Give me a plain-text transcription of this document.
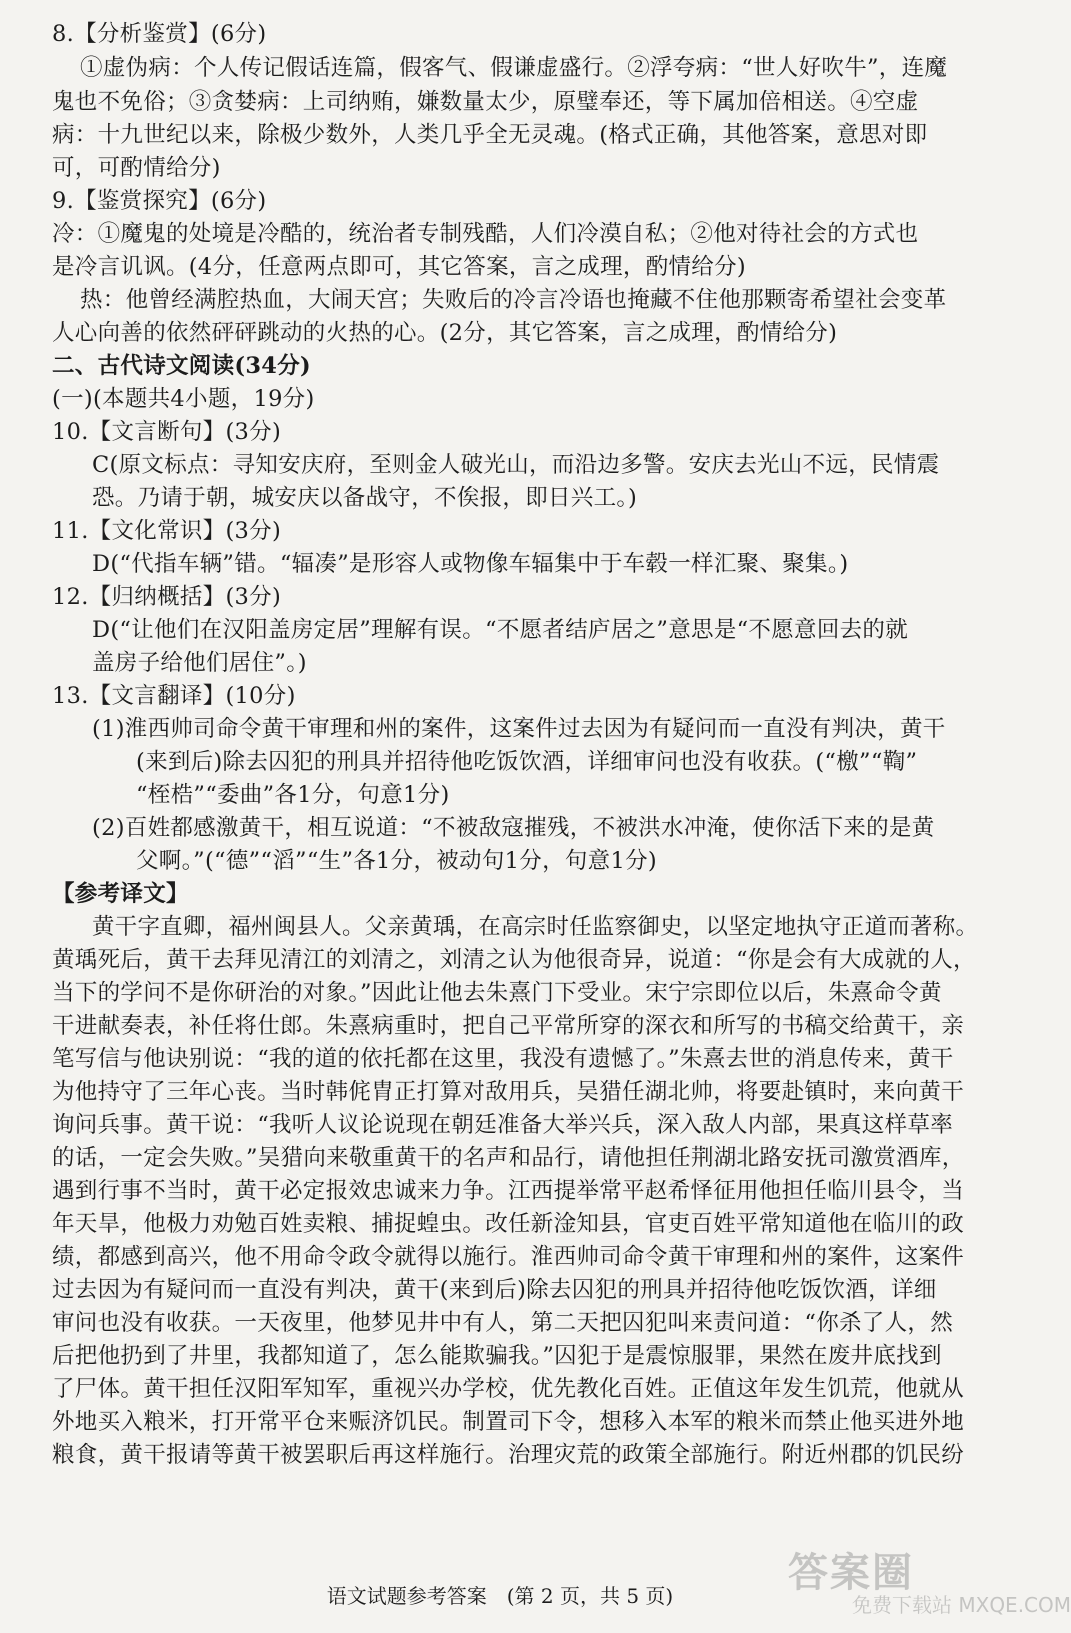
8.【分析鉴赏】(6分)
①虚伪病：个人传记假话连篇，假客气、假谦虚盛行。②浮夸病：“世人好吹牛”，连魔
鬼也不免俗；③贪婪病：上司纳贿，嫌数量太少，原璧奉还，等下属加倍相送。④空虚
病：十九世纪以来，除极少数外，人类几乎全无灵魂。(格式正确，其他答案，意思对即
可，可酌情给分)
9.【鉴赏探究】(6分)
冷：①魔鬼的处境是冷酷的，统治者专制残酷，人们冷漠自私；②他对待社会的方式也
是冷言讥讽。(4分，任意两点即可，其它答案，言之成理，酌情给分)
热：他曾经满腔热血，大闹天宫；失败后的冷言冷语也掩藏不住他那颗寄希望社会变革
人心向善的依然砰砰跳动的火热的心。(2分，其它答案，言之成理，酌情给分)
二、古代诗文阅读(34分)
(一)(本题共4小题，19分)
10.【文言断句】(3分)
C(原文标点：寻知安庆府，至则金人破光山，而沿边多警。安庆去光山不远，民情震
恐。乃请于朝，城安庆以备战守，不俟报，即日兴工。)
11.【文化常识】(3分)
D(“代指车辆”错。“辐凑”是形容人或物像车辐集中于车毂一样汇聚、聚集。)
12.【归纳概括】(3分)
D(“让他们在汉阳盖房定居”理解有误。“不愿者结庐居之”意思是“不愿意回去的就
盖房子给他们居住”。)
13.【文言翻译】(10分)
(1)淮西帅司命令黄干审理和州的案件，这案件过去因为有疑问而一直没有判决，黄干
(来到后)除去囚犯的刑具并招待他吃饭饮酒，详细审问也没有收获。(“檄”“鞫”
“桎梏”“委曲”各1分，句意1分)
(2)百姓都感激黄干，相互说道：“不被敌寇摧残，不被洪水冲淹，使你活下来的是黄
父啊。”(“德”“滔”“生”各1分，被动句1分，句意1分)
【参考译文】
黄干字直卿，福州闽县人。父亲黄瑀，在高宗时任监察御史，以坚定地执守正道而著称。
黄瑀死后，黄干去拜见清江的刘清之，刘清之认为他很奇异，说道：“你是会有大成就的人，
当下的学问不是你研治的对象。”因此让他去朱熹门下受业。宋宁宗即位以后，朱熹命令黄
干进献奏表，补任将仕郎。朱熹病重时，把自己平常所穿的深衣和所写的书稿交给黄干，亲
笔写信与他诀别说：“我的道的依托都在这里，我没有遗憾了。”朱熹去世的消息传来，黄干
为他持守了三年心丧。当时韩侂胄正打算对敌用兵，吴猎任湖北帅，将要赴镇时，来向黄干
询问兵事。黄干说：“我听人议论说现在朝廷准备大举兴兵，深入敌人内部，果真这样草率
的话，一定会失败。”吴猎向来敬重黄干的名声和品行，请他担任荆湖北路安抚司激赏酒库，
遇到行事不当时，黄干必定报效忠诚来力争。江西提举常平赵希怿征用他担任临川县令，当
年天旱，他极力劝勉百姓卖粮、捕捉蝗虫。改任新淦知县，官吏百姓平常知道他在临川的政
绩，都感到高兴，他不用命令政令就得以施行。淮西帅司命令黄干审理和州的案件，这案件
过去因为有疑问而一直没有判决，黄干(来到后)除去囚犯的刑具并招待他吃饭饮酒，详细
审问也没有收获。一天夜里，他梦见井中有人，第二天把囚犯叫来责问道：“你杀了人，然
后把他扔到了井里，我都知道了，怎么能欺骗我。”囚犯于是震惊服罪，果然在废井底找到
了尸体。黄干担任汉阳军知军，重视兴办学校，优先教化百姓。正值这年发生饥荒，他就从
外地买入粮米，打开常平仓来赈济饥民。制置司下令，想移入本军的粮米而禁止他买进外地
粮食，黄干报请等黄干被罢职后再这样施行。治理灾荒的政策全部施行。附近州郡的饥民纷
语文试题参考答案　(第 2 页，共 5 页)	答案圈
免费下载站 MXQE.COM
